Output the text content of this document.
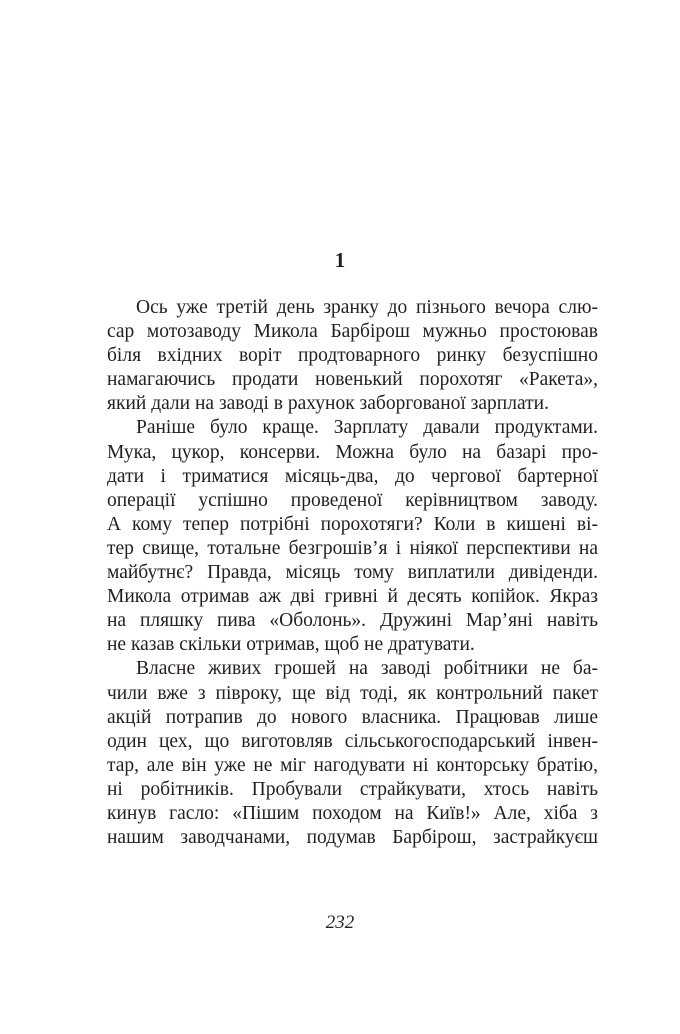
1
Ось уже третій день зранку до пізнього вечора слю-
сар мотозаводу Микола Барбірош мужньо простоював
біля вхідних воріт продтоварного ринку безуспішно
намагаючись продати новенький порохотяг «Ракета»,
який дали на заводі в рахунок заборгованої зарплати.
Раніше було краще. Зарплату давали продуктами.
Мука, цукор, консерви. Можна було на базарі про-
дати і триматися місяць-два, до чергової бартерної
операції успішно проведеної керівництвом заводу.
А кому тепер потрібні порохотяги? Коли в кишені ві-
тер свище, тотальне безгрошів’я і ніякої перспективи на
майбутнє? Правда, місяць тому виплатили дивіденди.
Микола отримав аж дві гривні й десять копійок. Якраз
на пляшку пива «Оболонь». Дружині Мар’яні навіть
не казав скільки отримав, щоб не дратувати.
Власне живих грошей на заводі робітники не ба-
чили вже з півроку, ще від тоді, як контрольний пакет
акцій потрапив до нового власника. Працював лише
один цех, що виготовляв сільськогосподарський інвен-
тар, але він уже не міг нагодувати ні конторську братію,
ні робітників. Пробували страйкувати, хтось навіть
кинув гасло: «Пішим походом на Київ!» Але, хіба з
нашим заводчанами, подумав Барбірош, застрайкуєш
232
